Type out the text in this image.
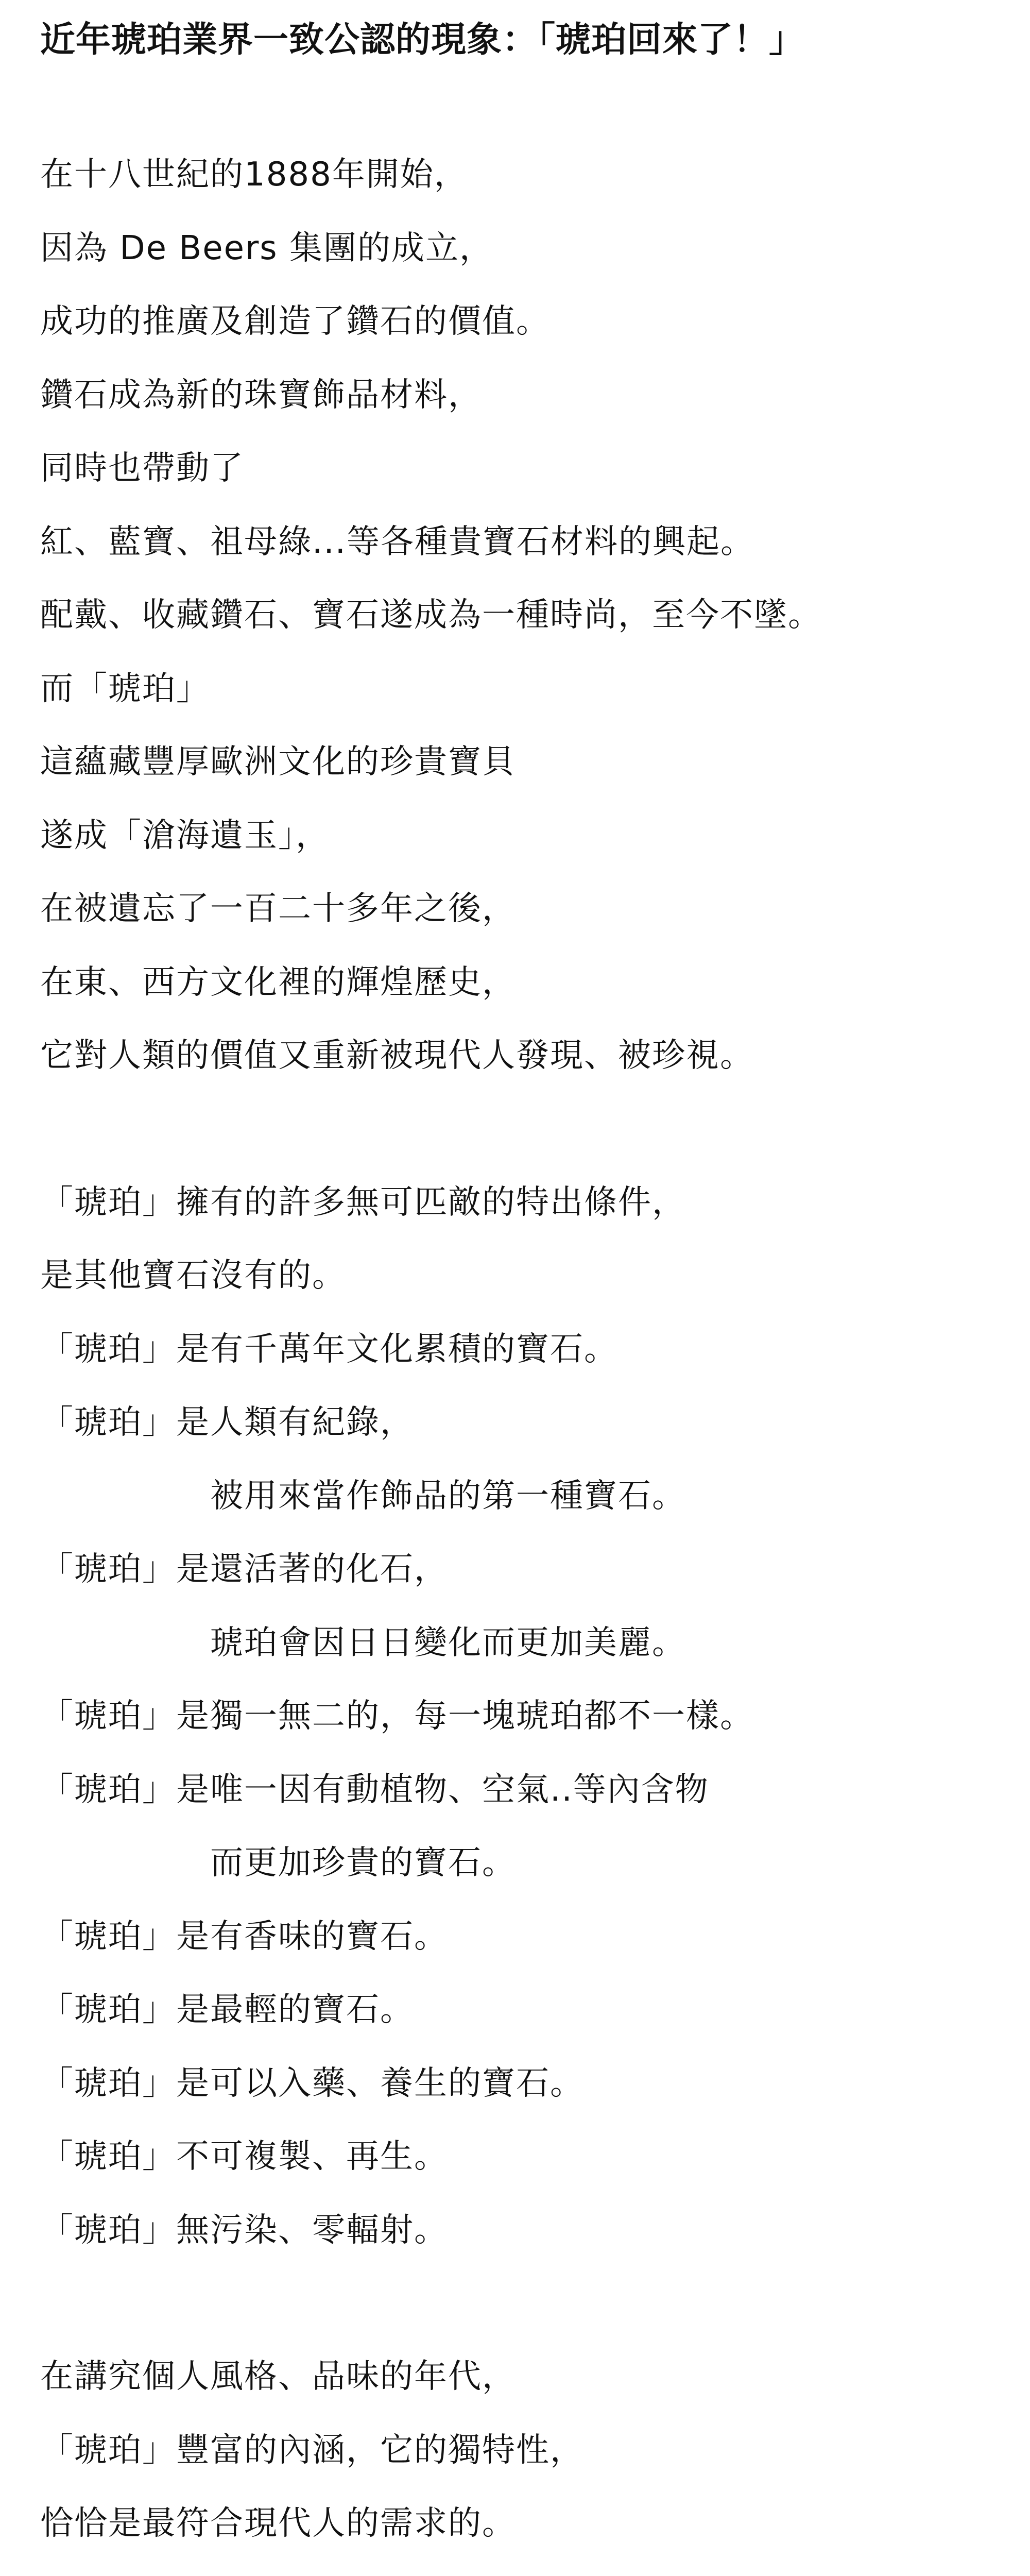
近年琥珀業界一致公認的現象：「琥珀回來了！」
在十八世紀的1888年開始，
因為 De Beers 集團的成立，
成功的推廣及創造了鑽石的價值。
鑽石成為新的珠寶飾品材料，
同時也帶動了
紅、藍寶、祖母綠...等各種貴寶石材料的興起。
配戴、收藏鑽石、寶石遂成為一種時尚，至今不墜。
而「琥珀」
這蘊藏豐厚歐洲文化的珍貴寶貝
遂成「滄海遺玉」，
在被遺忘了一百二十多年之後，
在東、西方文化裡的輝煌歷史，
它對人類的價值又重新被現代人發現、被珍視。
「琥珀」擁有的許多無可匹敵的特出條件，
是其他寶石沒有的。
「琥珀」是有千萬年文化累積的寶石。
「琥珀」是人類有紀錄，
被用來當作飾品的第一種寶石。
「琥珀」是還活著的化石，
琥珀會因日日變化而更加美麗。
「琥珀」是獨一無二的，每一塊琥珀都不一樣。
「琥珀」是唯一因有動植物、空氣..等內含物
而更加珍貴的寶石。
「琥珀」是有香味的寶石。
「琥珀」是最輕的寶石。
「琥珀」是可以入藥、養生的寶石。
「琥珀」不可複製、再生。
「琥珀」無污染、零輻射。
在講究個人風格、品味的年代，
「琥珀」豐富的內涵，它的獨特性，
恰恰是最符合現代人的需求的。
